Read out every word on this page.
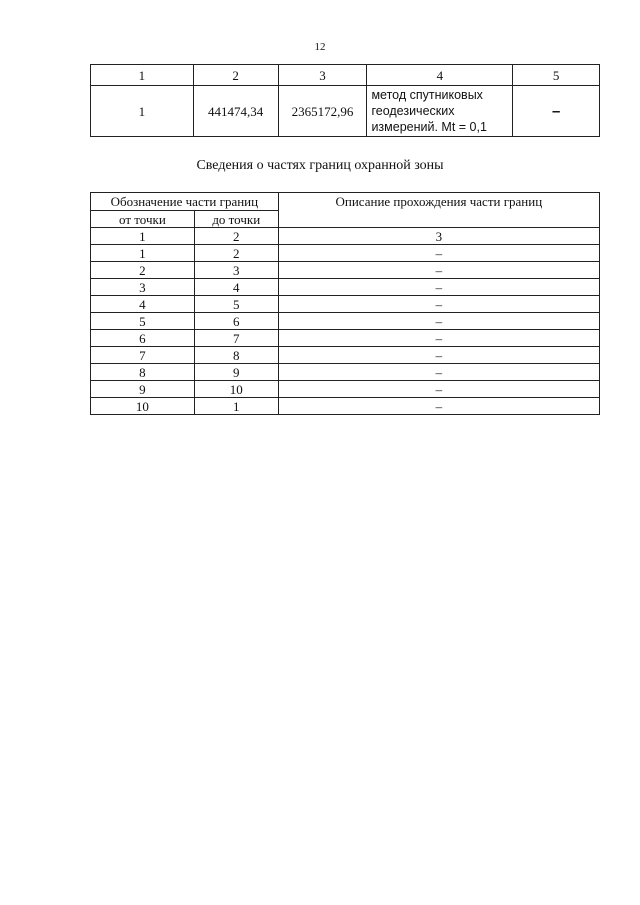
12
1	2	3	4	5
1	441474,34	2365172,96	метод спутниковых
геодезических
измерений. Mt = 0,1	–
Сведения о частях границ охранной зоны
Обозначение части границ		Описание прохождения части границ
от точки	до точки	
1	2	3
1	2	–
2	3	–
3	4	–
4	5	–
5	6	–
6	7	–
7	8	–
8	9	–
9	10	–
10	1	–
